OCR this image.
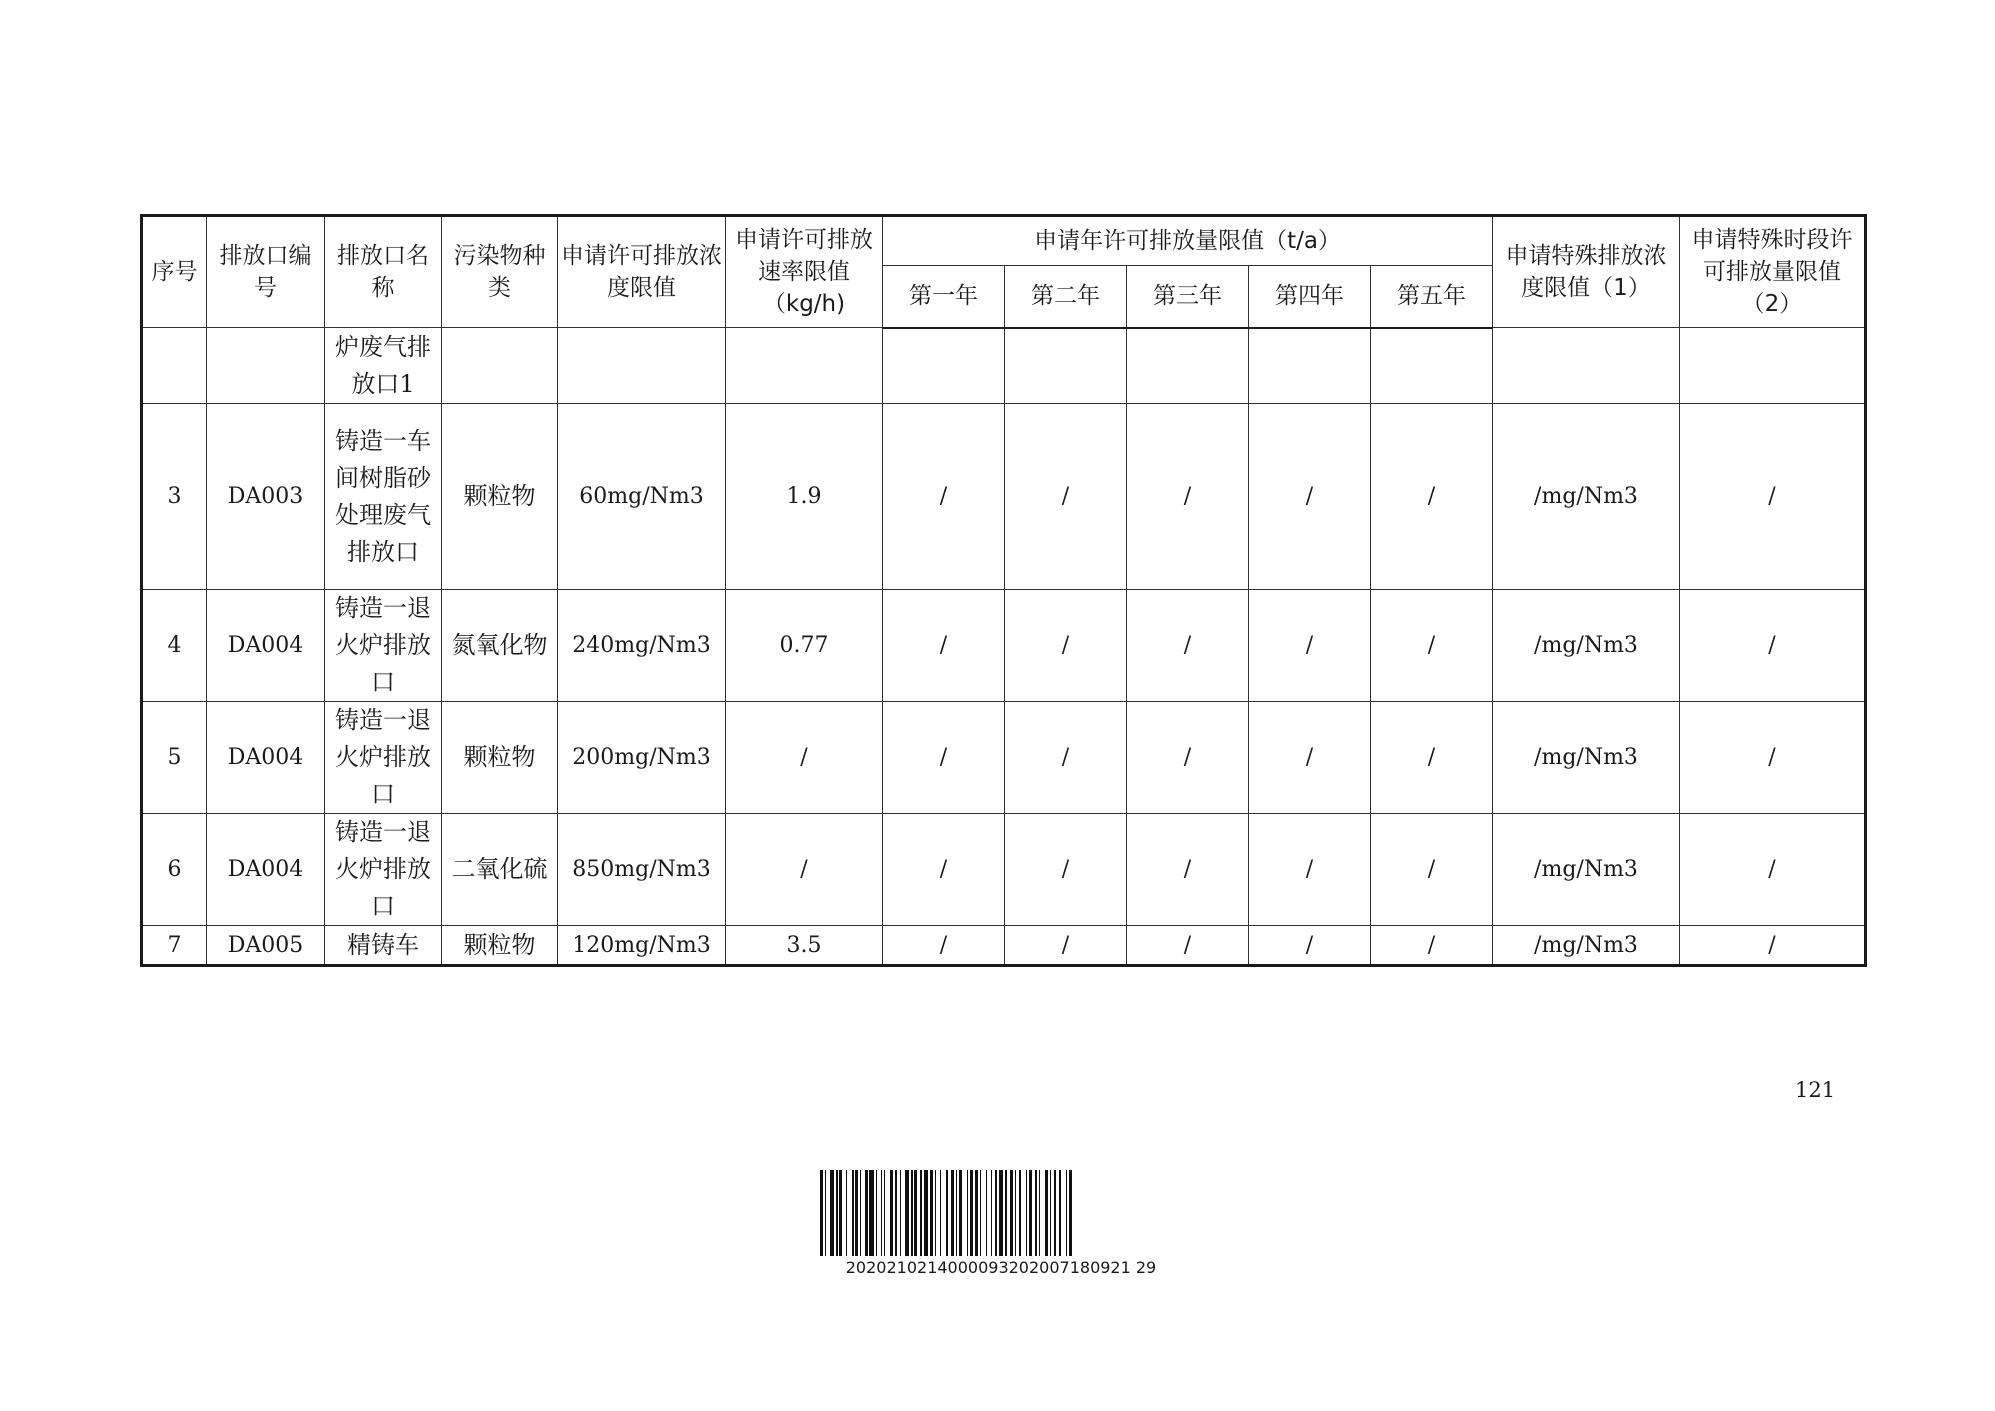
序号	排放口编号	排放口名称	污染物种类	申请许可排放浓度限值	申请许可排放速率限值（kg/h)	申请年许可排放量限值（t/a）					申请特殊排放浓度限值（1）	申请特殊时段许可排放量限值（2）
						第一年	第二年	第三年	第四年	第五年		
		炉废气排放口1										
3	DA003	铸造一车间树脂砂处理废气排放口	颗粒物	60mg/Nm3	1.9	/	/	/	/	/	/mg/Nm3	/
4	DA004	铸造一退火炉排放口	氮氧化物	240mg/Nm3	0.77	/	/	/	/	/	/mg/Nm3	/
5	DA004	铸造一退火炉排放口	颗粒物	200mg/Nm3	/	/	/	/	/	/	/mg/Nm3	/
6	DA004	铸造一退火炉排放口	二氧化硫	850mg/Nm3	/	/	/	/	/	/	/mg/Nm3	/
7	DA005	精铸车	颗粒物	120mg/Nm3	3.5	/	/	/	/	/	/mg/Nm3	/
121
2020210214000093202007180921 29
